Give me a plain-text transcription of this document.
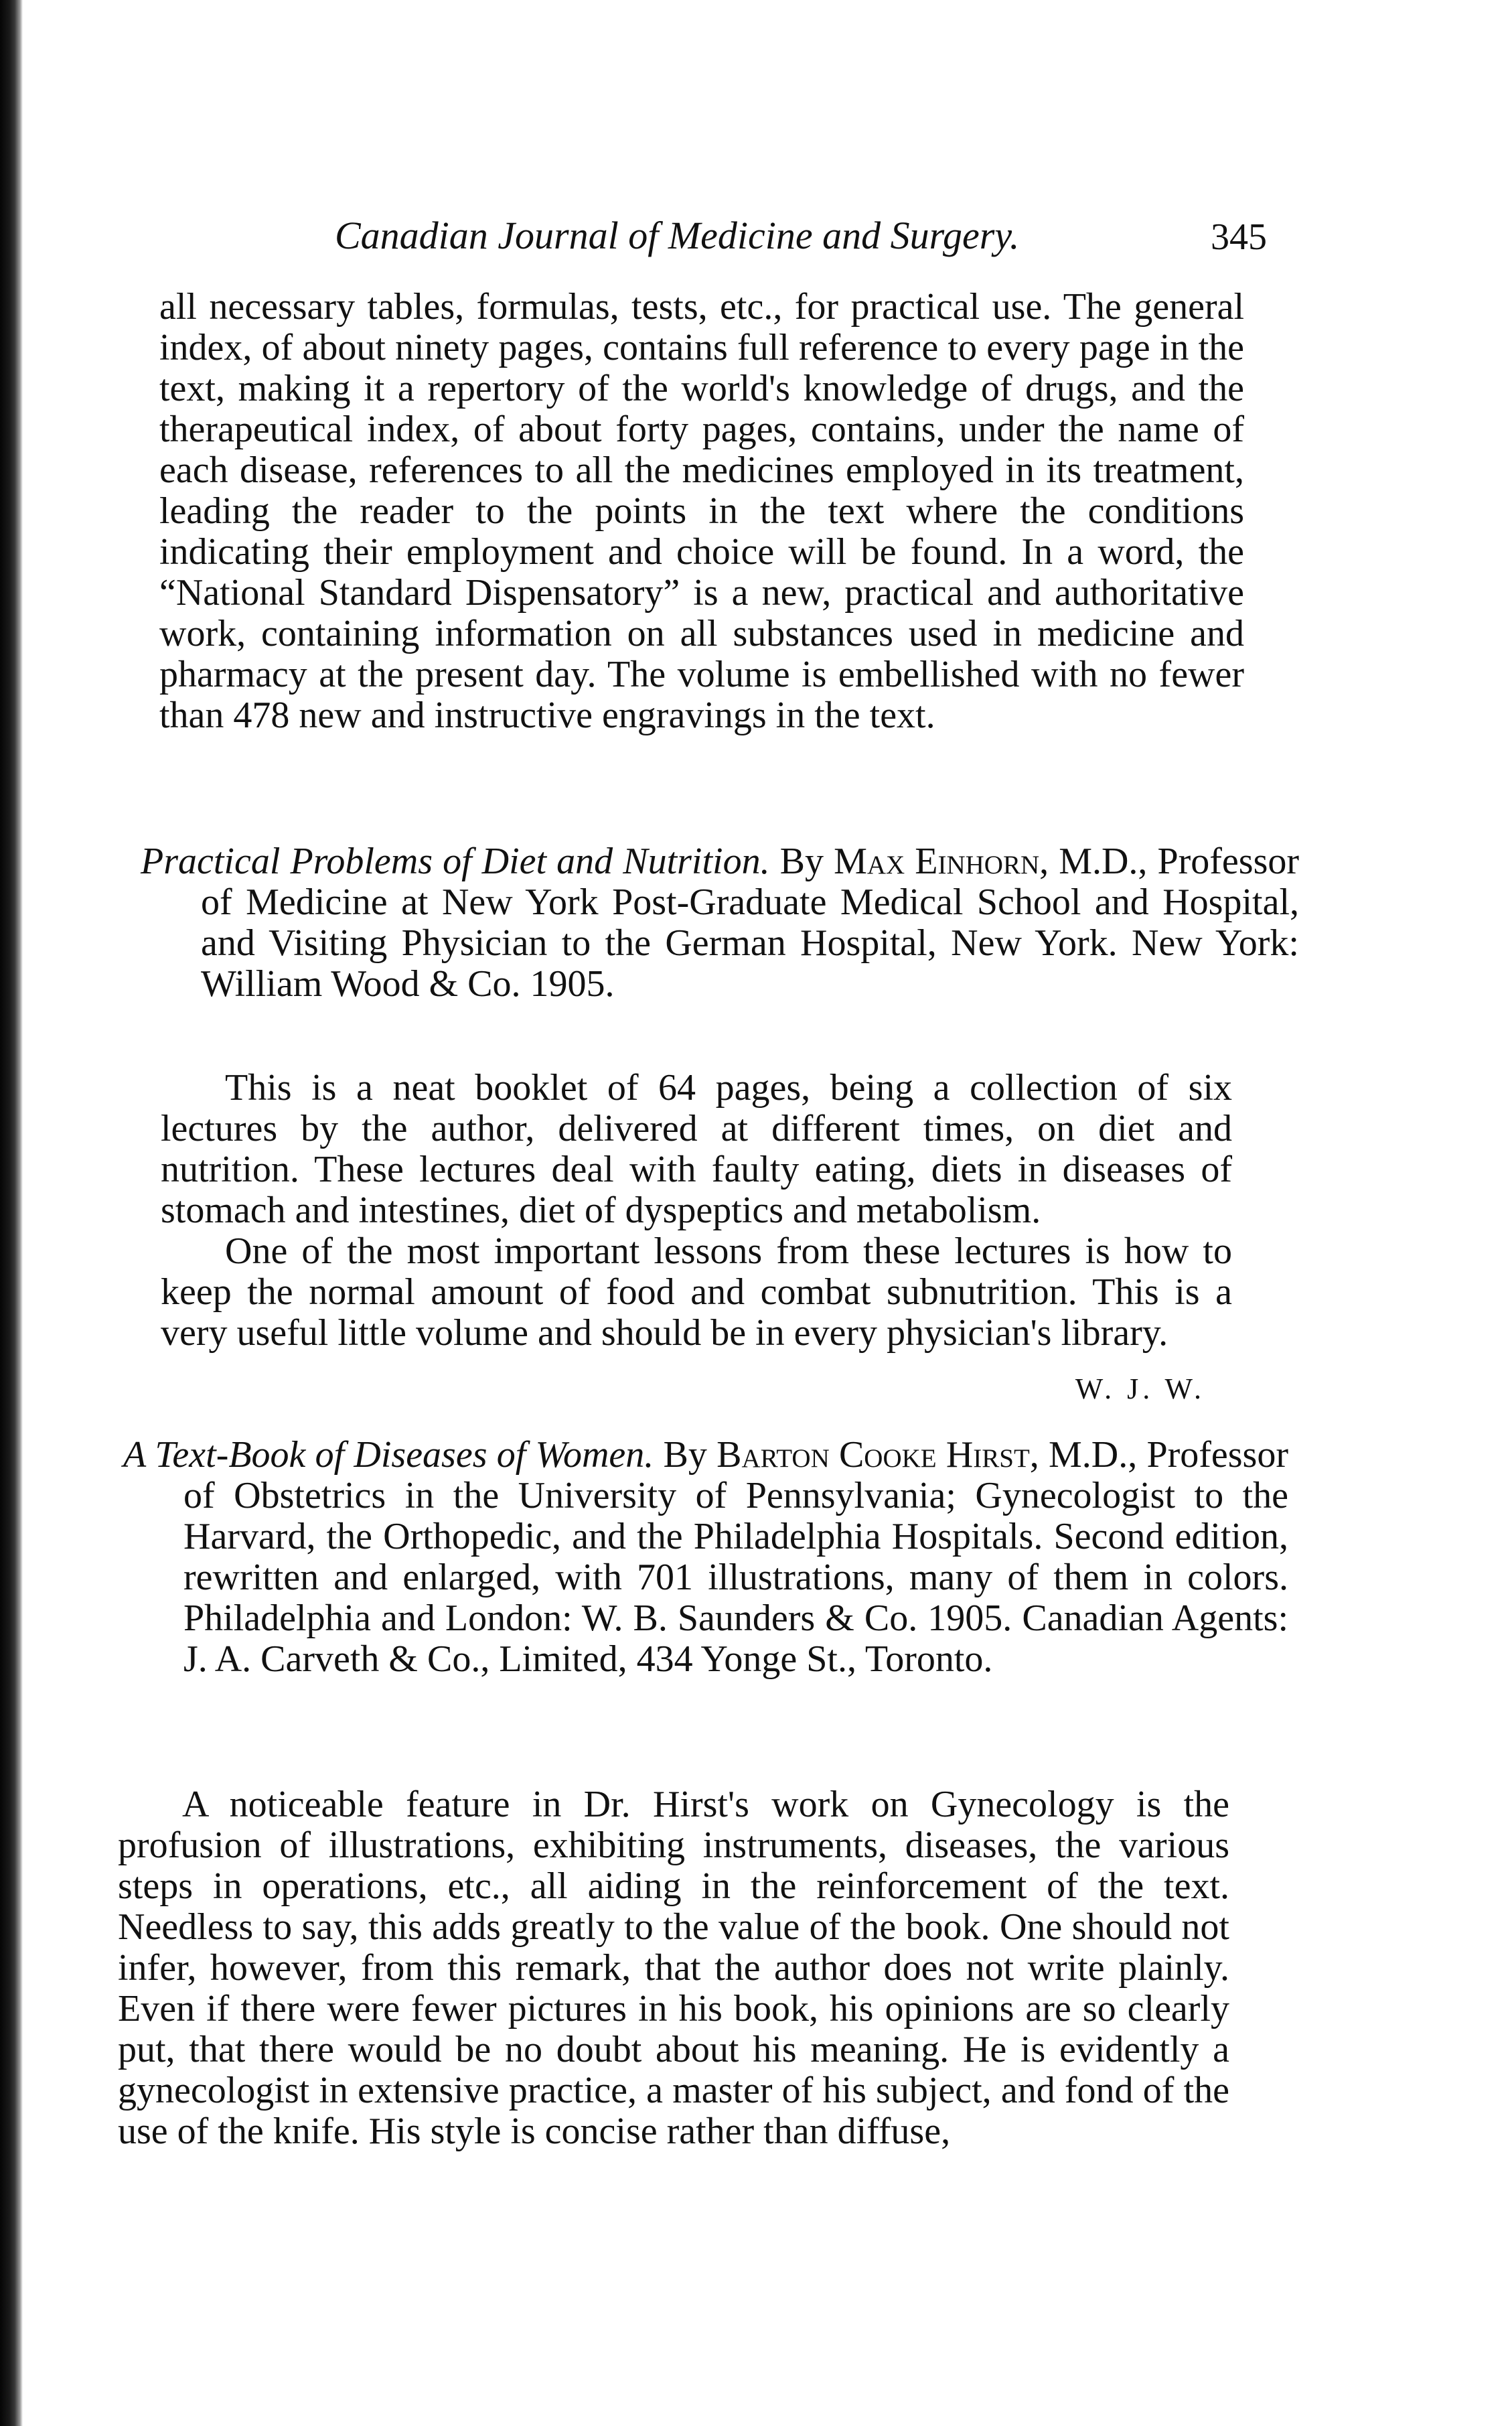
Canadian Journal of Medicine and Surgery.	345

all necessary tables, formulas, tests, etc., for practical use. The general index, of about ninety pages, contains full reference to every page in the text, making it a repertory of the world's knowledge of drugs, and the therapeutical index, of about forty pages, contains, under the name of each disease, references to all the medicines employed in its treatment, leading the reader to the points in the text where the conditions indicating their employment and choice will be found. In a word, the “National Standard Dispensatory” is a new, practical and authoritative work, containing information on all substances used in medicine and pharmacy at the present day. The volume is embellished with no fewer than 478 new and instructive engravings in the text.

Practical Problems of Diet and Nutrition. By Max Einhorn, M.D., Professor of Medicine at New York Post-Graduate Medical School and Hospital, and Visiting Physician to the German Hospital, New York. New York: William Wood & Co. 1905.

This is a neat booklet of 64 pages, being a collection of six lectures by the author, delivered at different times, on diet and nutrition. These lectures deal with faulty eating, diets in diseases of stomach and intestines, diet of dyspeptics and metabolism.

One of the most important lessons from these lectures is how to keep the normal amount of food and combat subnutrition. This is a very useful little volume and should be in every physician's library.

W. J. W.

A Text-Book of Diseases of Women. By Barton Cooke Hirst, M.D., Professor of Obstetrics in the University of Pennsylvania; Gynecologist to the Harvard, the Orthopedic, and the Philadelphia Hospitals. Second edition, rewritten and enlarged, with 701 illustrations, many of them in colors. Philadelphia and London: W. B. Saunders & Co. 1905. Canadian Agents: J. A. Carveth & Co., Limited, 434 Yonge St., Toronto.

A noticeable feature in Dr. Hirst's work on Gynecology is the profusion of illustrations, exhibiting instruments, diseases, the various steps in operations, etc., all aiding in the reinforcement of the text. Needless to say, this adds greatly to the value of the book. One should not infer, however, from this remark, that the author does not write plainly. Even if there were fewer pictures in his book, his opinions are so clearly put, that there would be no doubt about his meaning. He is evidently a gynecologist in extensive practice, a master of his subject, and fond of the use of the knife. His style is concise rather than diffuse,
